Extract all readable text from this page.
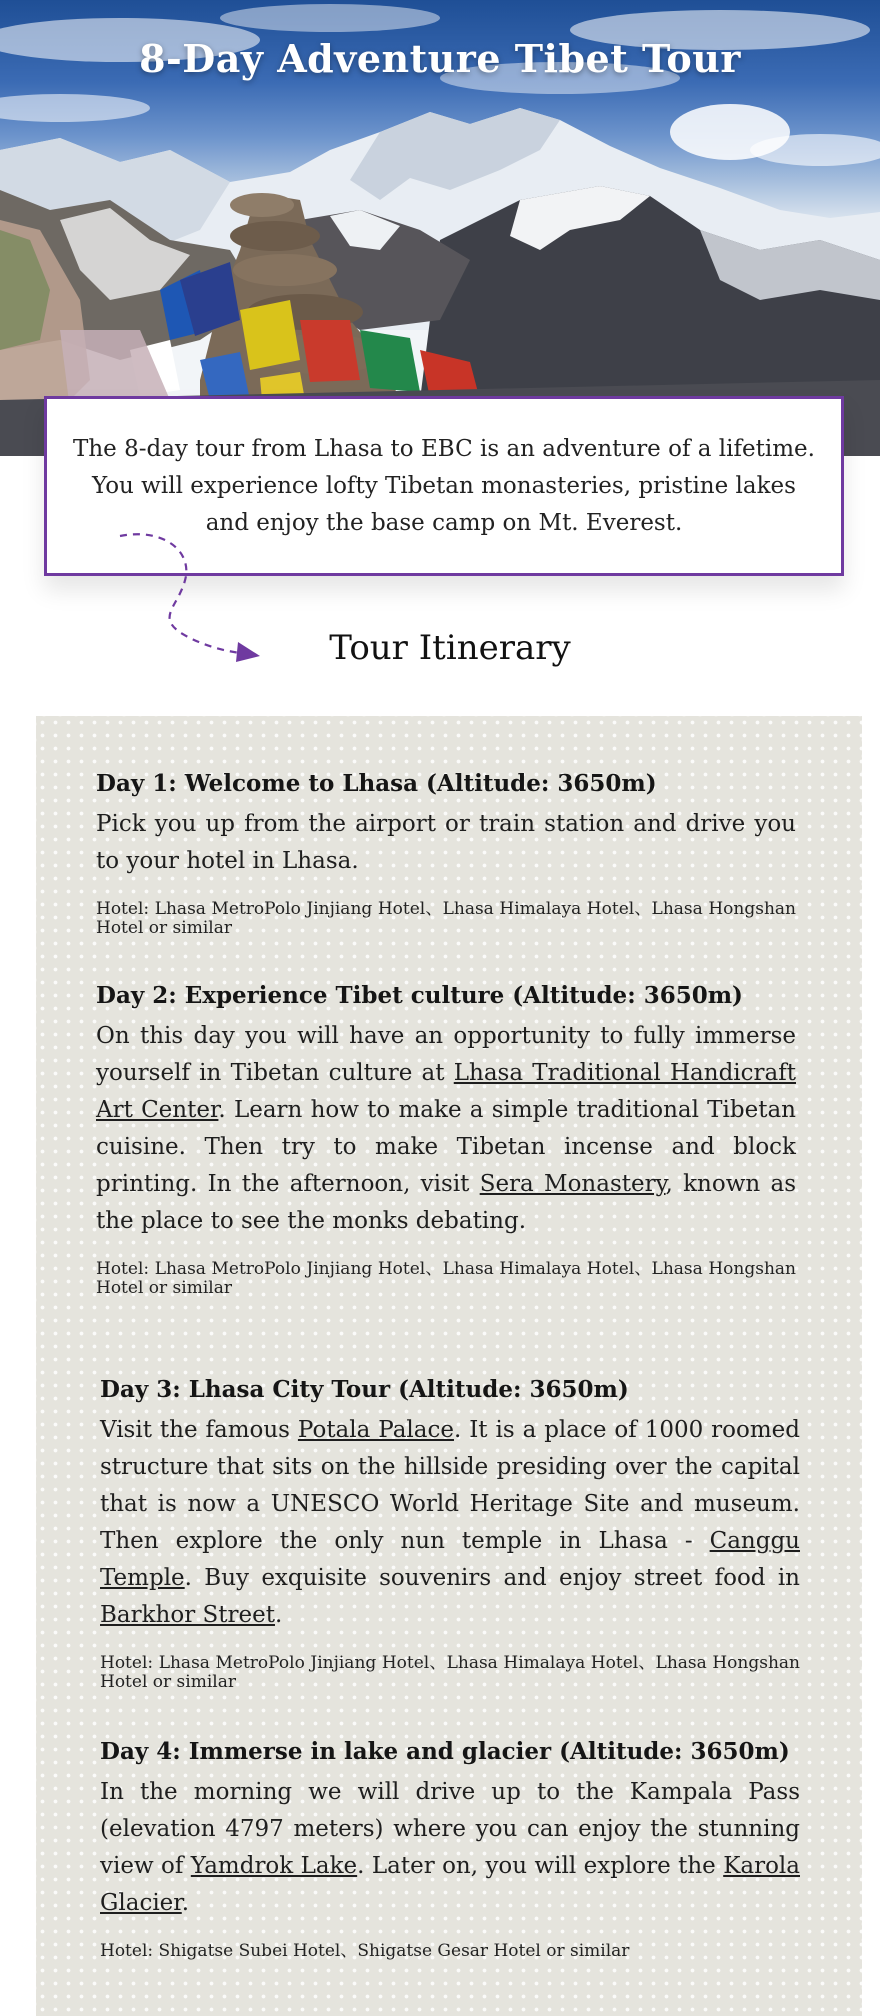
8-Day Adventure Tibet Tour

The 8-day tour from Lhasa to EBC is an adventure of a lifetime. You will experience lofty Tibetan monasteries, pristine lakes and enjoy the base camp on Mt. Everest.

Tour Itinerary
Day 1: Welcome to Lhasa (Altitude: 3650m)

Pick you up from the airport or train station and drive you to your hotel in Lhasa.

Hotel: Lhasa MetroPolo Jinjiang Hotel、Lhasa Himalaya Hotel、Lhasa Hongshan Hotel or similar

Day 2: Experience Tibet culture (Altitude: 3650m)

On this day you will have an opportunity to fully immerse yourself in Tibetan culture at Lhasa Traditional Handicraft Art Center. Learn how to make a simple traditional Tibetan cuisine. Then try to make Tibetan incense and block printing. In the afternoon, visit Sera Monastery, known as the place to see the monks debating.

Hotel: Lhasa MetroPolo Jinjiang Hotel、Lhasa Himalaya Hotel、Lhasa Hongshan Hotel or similar

Day 3: Lhasa City Tour (Altitude: 3650m)

Visit the famous Potala Palace. It is a place of 1000 roomed structure that sits on the hillside presiding over the capital that is now a UNESCO World Heritage Site and museum. Then explore the only nun temple in Lhasa - Canggu Temple. Buy exquisite souvenirs and enjoy street food in Barkhor Street.

Hotel: Lhasa MetroPolo Jinjiang Hotel、Lhasa Himalaya Hotel、Lhasa Hongshan Hotel or similar

Day 4: Immerse in lake and glacier (Altitude: 3650m)

In the morning we will drive up to the Kampala Pass (elevation 4797 meters) where you can enjoy the stunning view of Yamdrok Lake. Later on, you will explore the Karola Glacier.

Hotel: Shigatse Subei Hotel、Shigatse Gesar Hotel or similar
